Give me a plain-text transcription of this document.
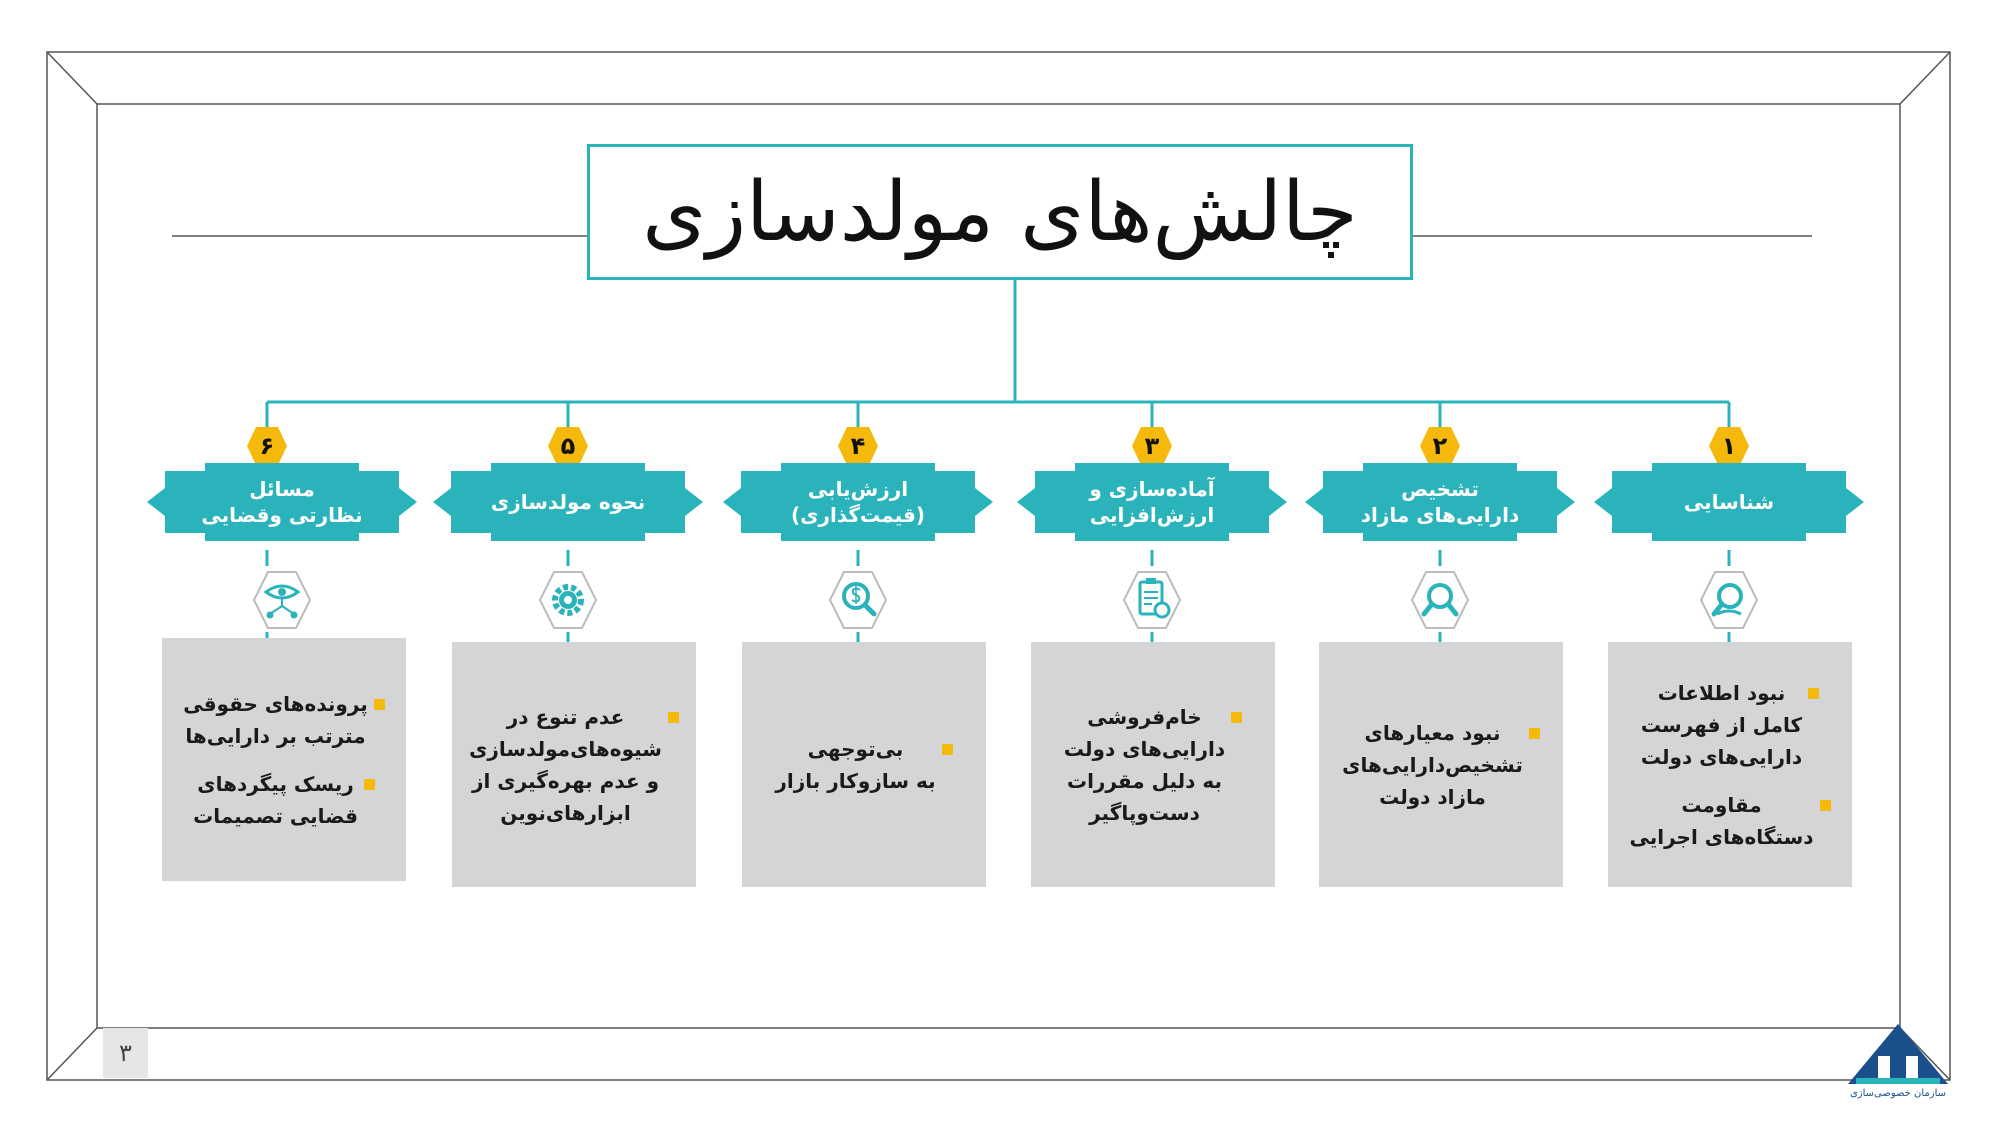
چالش‌های مولدسازی
۱
شناسایی
نبود اطلاعات
کامل از فهرست
دارایی‌های دولت
مقاومت
دستگاه‌های اجرایی
۲
تشخیص
دارایی‌های مازاد
نبود معیارهای
تشخیص‌دارایی‌های
مازاد دولت
۳
آماده‌سازی و
ارزش‌افزایی
خام‌فروشی
دارایی‌های دولت
به دلیل مقررات
دست‌وپاگیر
۴
ارزش‌یابی
(قیمت‌گذاری)
بی‌توجهی
به سازوکار بازار
۵
نحوه مولدسازی
عدم تنوع در
شیوه‌های‌مولدسازی
و عدم بهره‌گیری از
ابزارهای‌نوین
۶
مسائل
نظارتی و‌قضایی
پرونده‌های حقوقی
مترتب بر دارایی‌ها
ریسک پیگردهای
قضایی تصمیمات
۳
سازمان خصوصی‌سازی
